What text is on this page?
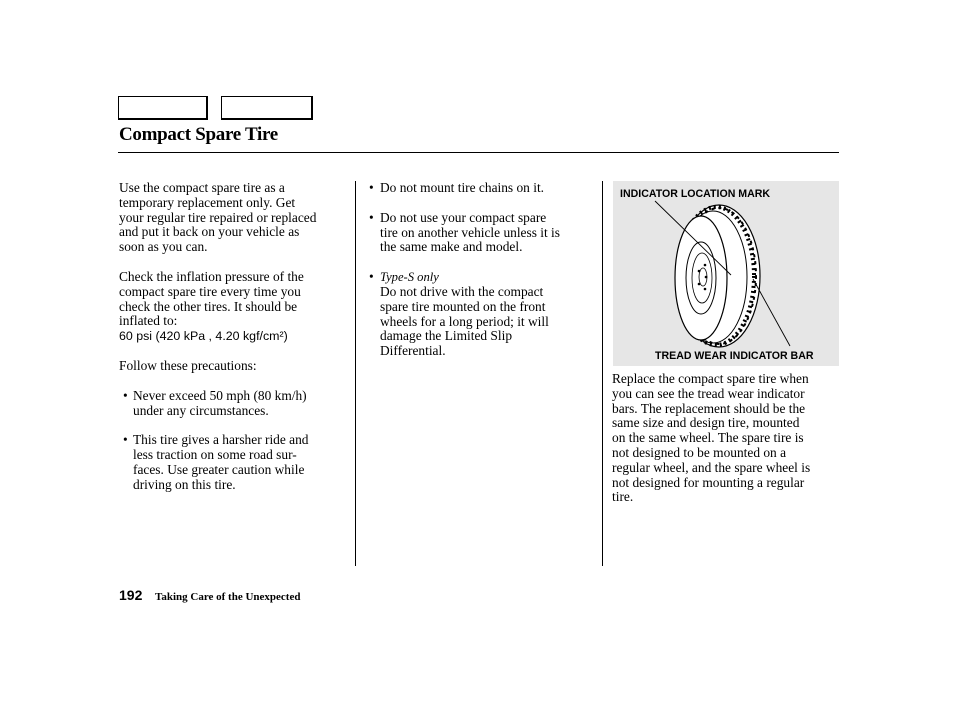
Compact Spare Tire

Use the compact spare tire as a
temporary replacement only. Get
your regular tire repaired or replaced
and put it back on your vehicle as
soon as you can.

Check the inflation pressure of the
compact spare tire every time you
check the other tires. It should be
inflated to:
60 psi (420 kPa , 4.20 kgf/cm²)

Follow these precautions:

• Never exceed 50 mph (80 km/h)
under any circumstances.

• This tire gives a harsher ride and
less traction on some road sur-
faces. Use greater caution while
driving on this tire.

• Do not mount tire chains on it.

• Do not use your compact spare
tire on another vehicle unless it is
the same make and model.

• Type-S only
Do not drive with the compact
spare tire mounted on the front
wheels for a long period; it will
damage the Limited Slip
Differential.

INDICATOR LOCATION MARK
TREAD WEAR INDICATOR BAR

Replace the compact spare tire when
you can see the tread wear indicator
bars. The replacement should be the
same size and design tire, mounted
on the same wheel. The spare tire is
not designed to be mounted on a
regular wheel, and the spare wheel is
not designed for mounting a regular
tire.

192 Taking Care of the Unexpected
